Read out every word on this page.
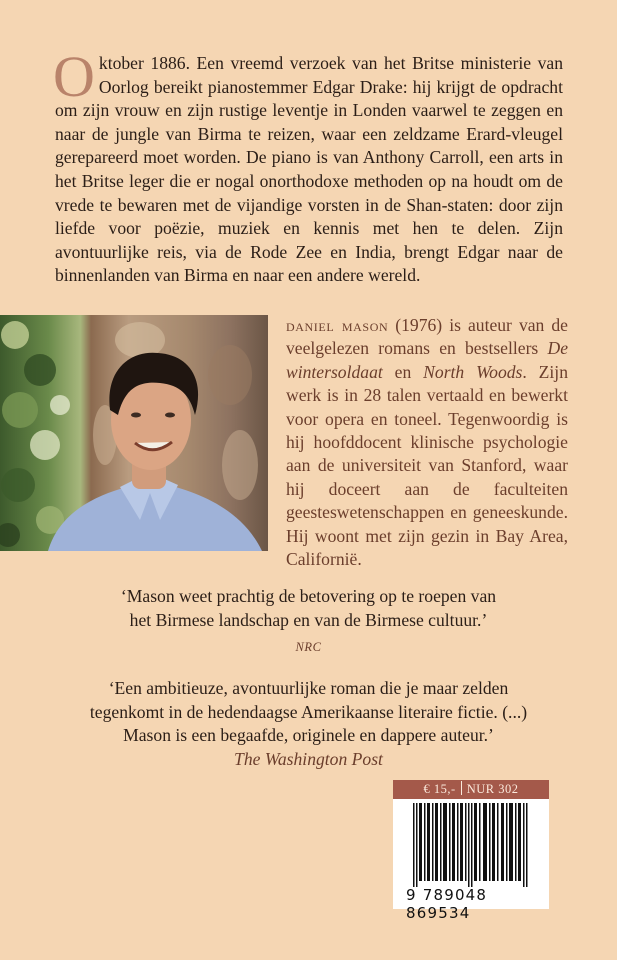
Oktober 1886. Een vreemd verzoek van het Britse ministerie van Oorlog bereikt pianostemmer Edgar Drake: hij krijgt de opdracht om zijn vrouw en zijn rustige leventje in Londen vaarwel te zeggen en naar de jungle van Birma te reizen, waar een zeldzame Erard-vleugel gerepareerd moet worden. De piano is van Anthony Carroll, een arts in het Britse leger die er nogal onorthodoxe methoden op na houdt om de vrede te bewaren met de vijandige vorsten in de Shan-staten: door zijn liefde voor poëzie, muziek en kennis met hen te delen. Zijn avontuurlijke reis, via de Rode Zee en India, brengt Edgar naar de binnenlanden van Birma en naar een andere wereld.
daniel mason (1976) is auteur van de veelgelezen romans en bestsellers De wintersoldaat en North Woods. Zijn werk is in 28 talen vertaald en bewerkt voor opera en toneel. Tegenwoordig is hij hoofddocent klinische psychologie aan de universiteit van Stanford, waar hij doceert aan de faculteiten geesteswetenschappen en geneeskunde. Hij woont met zijn gezin in Bay Area, Californië.
‘Mason weet prachtig de betovering op te roepen van
het Birmese landschap en van de Birmese cultuur.’
NRC
‘Een ambitieuze, avontuurlijke roman die je maar zelden
tegenkomt in de hedendaagse Amerikaanse literaire fictie. (...)
Mason is een begaafde, originele en dappere auteur.’
The Washington Post
€ 15,- NUR 302
9 789048 869534
